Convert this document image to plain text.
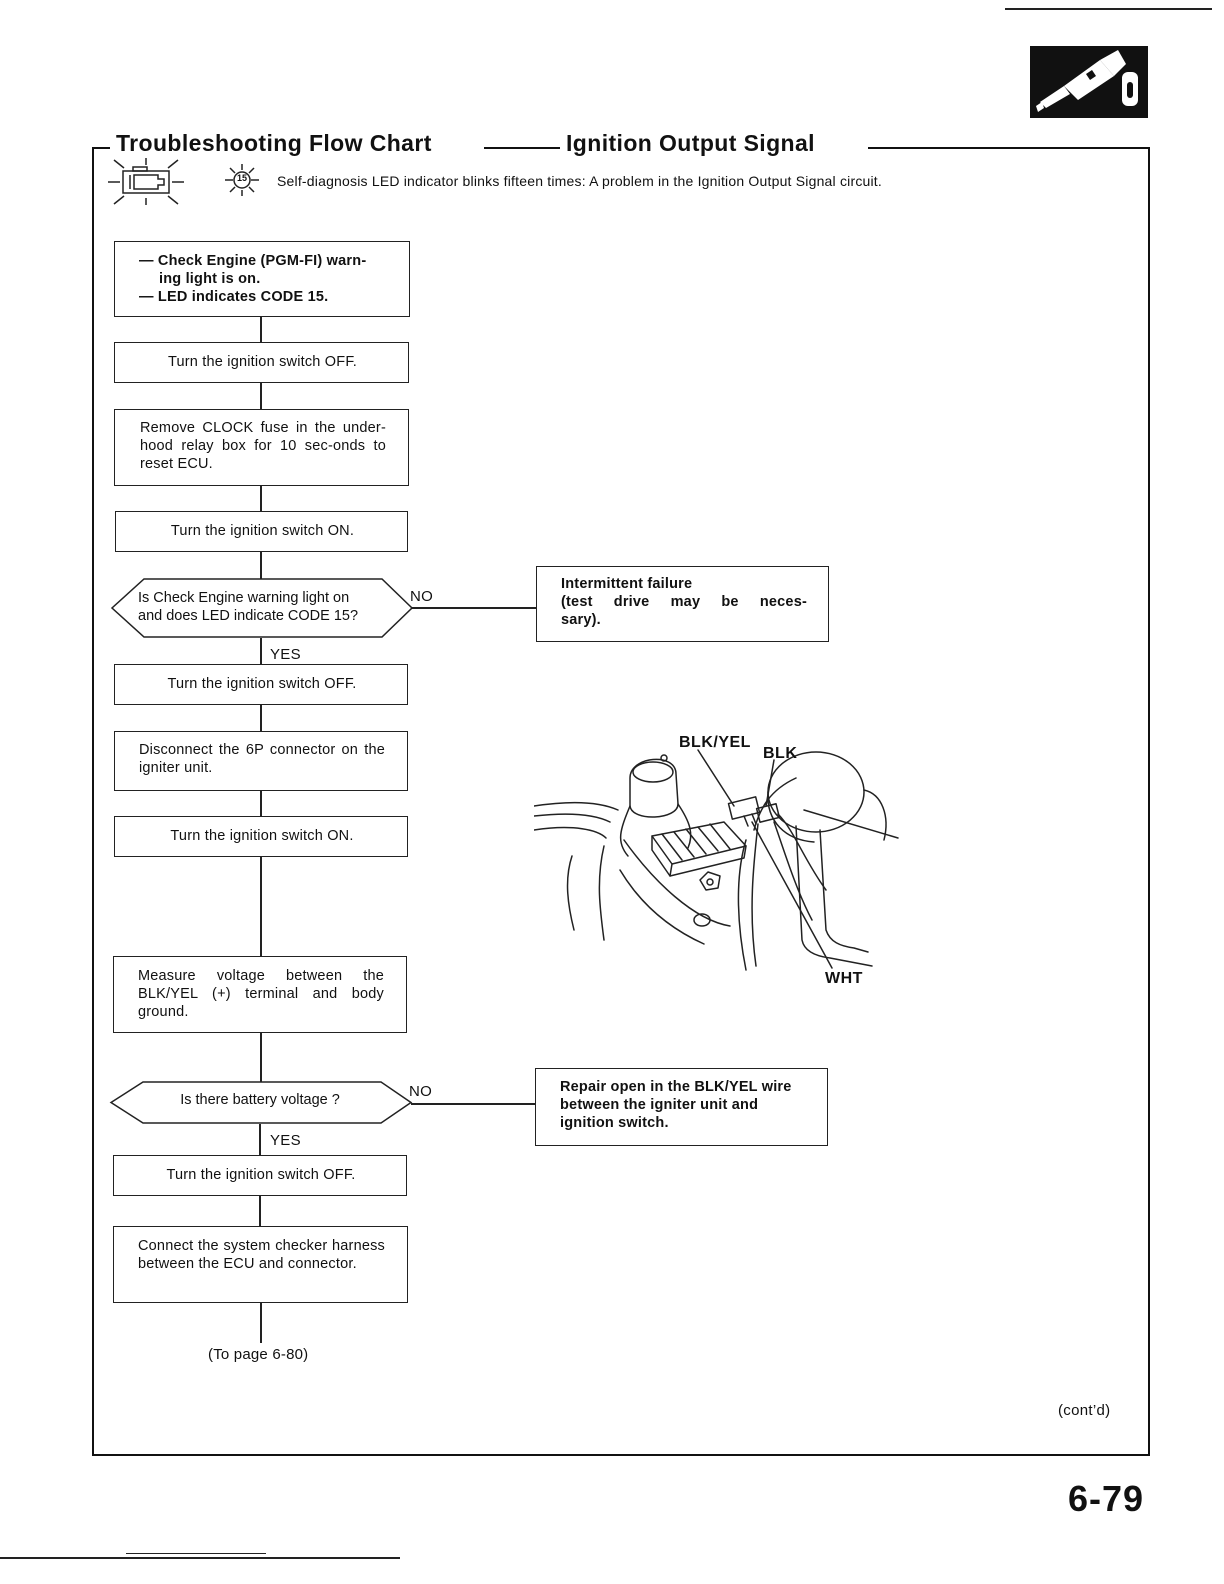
Troubleshooting Flow Chart	Ignition Output Signal
15	Self-diagnosis LED indicator blinks fifteen times: A problem in the Ignition Output Signal circuit.
— Check Engine (PGM-FI) warn-
ing light is on.
— LED indicates CODE 15.
Turn the ignition switch OFF.
Remove CLOCK fuse in the under-hood relay box for 10 sec-onds to reset ECU.
Turn the ignition switch ON.
Is Check Engine warning light on
and does LED indicate CODE 15?
NO
Intermittent failure
(test drive may be neces-
sary).
YES
Turn the ignition switch OFF.
Disconnect the 6P connector on the igniter unit.
Turn the ignition switch ON.
Measure voltage between the BLK/YEL (+) terminal and body ground.
Is there battery voltage ?	NO	Repair open in the BLK/YEL wire between the igniter unit and ignition switch.
YES
Turn the ignition switch OFF.
Connect the system checker harness between the ECU and connector.
(To page 6-80)
BLK/YEL
BLK
WHT
(cont’d)
6-79
